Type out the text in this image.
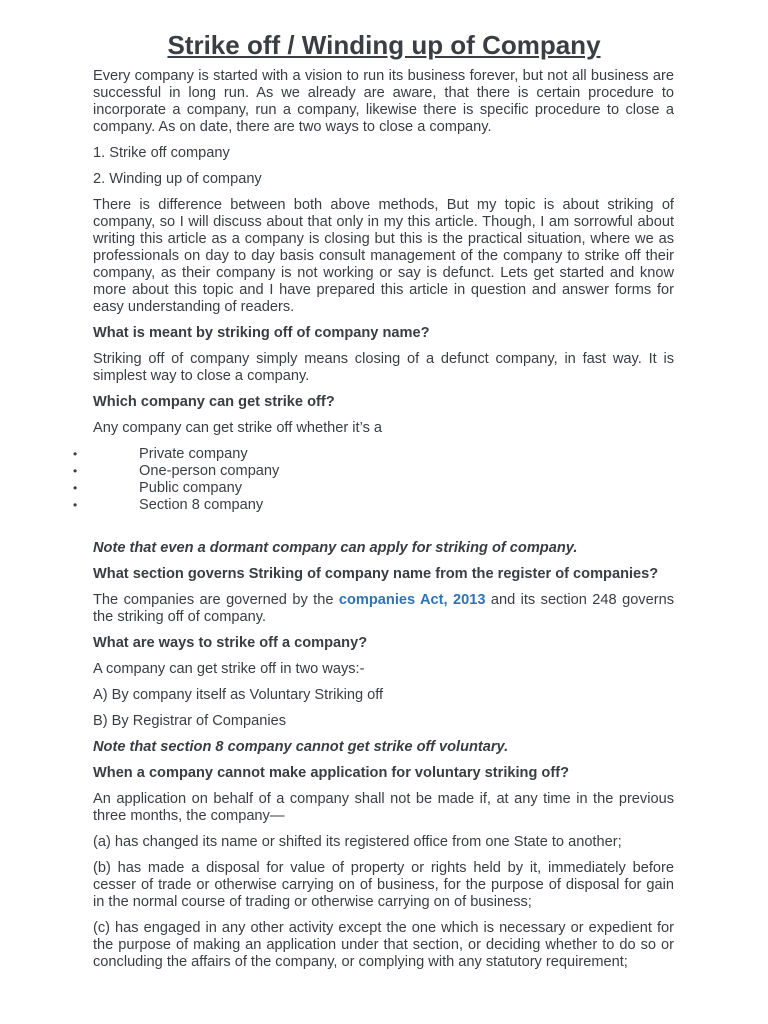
Strike off / Winding up of Company

Every company is started with a vision to run its business forever, but not all business are successful in long run. As we already are aware, that there is certain procedure to incorporate a company, run a company, likewise there is specific procedure to close a company. As on date, there are two ways to close a company.

1. Strike off company

2. Winding up of company

There is difference between both above methods, But my topic is about striking of company, so I will discuss about that only in my this article. Though, I am sorrowful about writing this article as a company is closing but this is the practical situation, where we as professionals on day to day basis consult management of the company to strike off their company, as their company is not working or say is defunct. Lets get started and know more about this topic and I have prepared this article in question and answer forms for easy understanding of readers.

What is meant by striking off of company name?

Striking off of company simply means closing of a defunct company, in fast way. It is simplest way to close a company.

Which company can get strike off?

Any company can get strike off whether it’s a

• Private company
• One-person company
• Public company
• Section 8 company

Note that even a dormant company can apply for striking of company.

What section governs Striking of company name from the register of companies?

The companies are governed by the companies Act, 2013 and its section 248 governs the striking off of company.

What are ways to strike off a company?

A company can get strike off in two ways:-

A) By company itself as Voluntary Striking off

B) By Registrar of Companies

Note that section 8 company cannot get strike off voluntary.

When a company cannot make application for voluntary striking off?

An application on behalf of a company shall not be made if, at any time in the previous three months, the company—

(a) has changed its name or shifted its registered office from one State to another;

(b) has made a disposal for value of property or rights held by it, immediately before cesser of trade or otherwise carrying on of business, for the purpose of disposal for gain in the normal course of trading or otherwise carrying on of business;

(c) has engaged in any other activity except the one which is necessary or expedient for the purpose of making an application under that section, or deciding whether to do so or concluding the affairs of the company, or complying with any statutory requirement;
